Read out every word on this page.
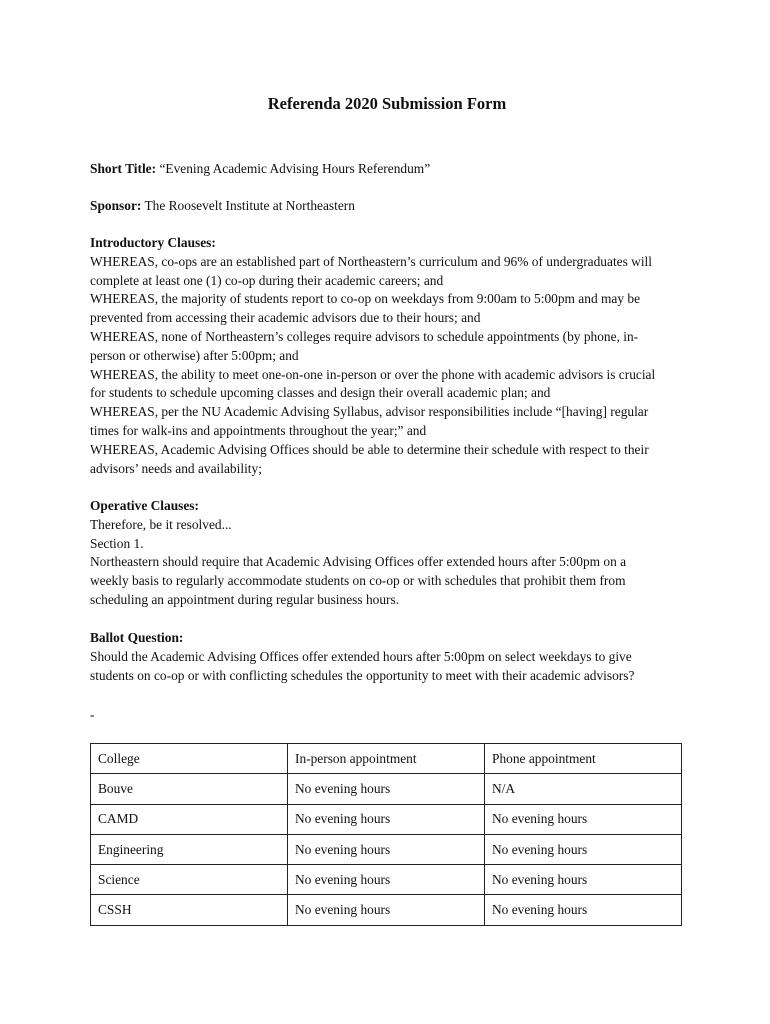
Referenda 2020 Submission Form

Short Title: “Evening Academic Advising Hours Referendum”

Sponsor: The Roosevelt Institute at Northeastern

Introductory Clauses:
WHEREAS, co-ops are an established part of Northeastern’s curriculum and 96% of undergraduates will
complete at least one (1) co-op during their academic careers; and
WHEREAS, the majority of students report to co-op on weekdays from 9:00am to 5:00pm and may be
prevented from accessing their academic advisors due to their hours; and
WHEREAS, none of Northeastern’s colleges require advisors to schedule appointments (by phone, in-
person or otherwise) after 5:00pm; and
WHEREAS, the ability to meet one-on-one in-person or over the phone with academic advisors is crucial
for students to schedule upcoming classes and design their overall academic plan; and
WHEREAS, per the NU Academic Advising Syllabus, advisor responsibilities include “[having] regular
times for walk-ins and appointments throughout the year;” and
WHEREAS, Academic Advising Offices should be able to determine their schedule with respect to their
advisors’ needs and availability;
Operative Clauses:
Therefore, be it resolved...
Section 1.
Northeastern should require that Academic Advising Offices offer extended hours after 5:00pm on a
weekly basis to regularly accommodate students on co-op or with schedules that prohibit them from
scheduling an appointment during regular business hours.
Ballot Question:
Should the Academic Advising Offices offer extended hours after 5:00pm on select weekdays to give
students on co-op or with conflicting schedules the opportunity to meet with their academic advisors?
-
College	In-person appointment	Phone appointment
Bouve	No evening hours	N/A
CAMD	No evening hours	No evening hours
Engineering	No evening hours	No evening hours
Science	No evening hours	No evening hours
CSSH	No evening hours	No evening hours
